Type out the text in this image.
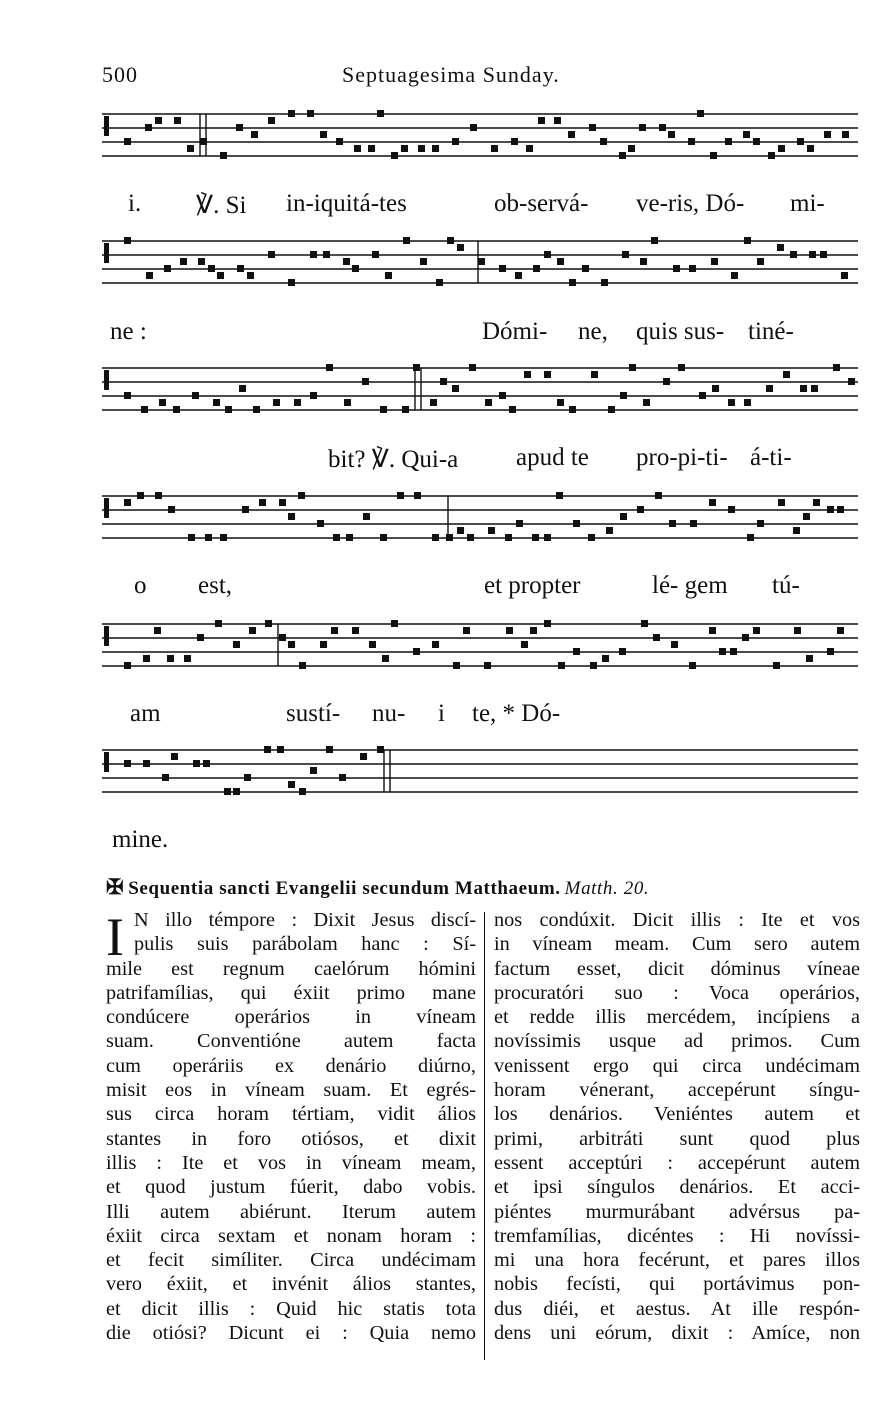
500	Septuagesima Sunday.
i. ℣. Si in-iquitá-tes	ob-servá- ve-ris, Dó- mi-
ne :	Dómi- ne, quis sus- tiné-
bit? ℣. Qui-a apud te pro-pi-ti- á-ti-
o est,	et propter	lé- gem tú-
am	sustí- nu- i te, * Dó-
mine.
✠ Sequentia sancti Evangelii secundum Matthaeum. Matth. 20.
I N illo témpore : Dixit Jesus discí-
pulis suis parábolam hanc : Sí-
mile est regnum caelórum hómini
patrifamílias, qui éxiit primo mane
condúcere operários in víneam
suam. Conventióne autem facta
cum operáriis ex denário diúrno,
misit eos in víneam suam. Et egrés-
sus circa horam tértiam, vidit álios
stantes in foro otiósos, et dixit
illis : Ite et vos in víneam meam,
et quod justum fúerit, dabo vobis.
Illi autem abiérunt. Iterum autem
éxiit circa sextam et nonam horam :
et fecit simíliter. Circa undécimam
vero éxiit, et invénit álios stantes,
et dicit illis : Quid hic statis tota
die otiósi? Dicunt ei : Quia nemo
nos condúxit. Dicit illis : Ite et vos
in víneam meam. Cum sero autem
factum esset, dicit dóminus víneae
procuratóri suo : Voca operários,
et redde illis mercédem, incípiens a
novíssimis usque ad primos. Cum
venissent ergo qui circa undécimam
horam vénerant, accepérunt síngu-
los denários. Veniéntes autem et
primi, arbitráti sunt quod plus
essent acceptúri : accepérunt autem
et ipsi síngulos denários. Et acci-
piéntes murmurábant advérsus pa-
tremfamílias, dicéntes : Hi novíssi-
mi una hora fecérunt, et pares illos
nobis fecísti, qui portávimus pon-
dus diéi, et aestus. At ille respón-
dens uni eórum, dixit : Amíce, non
